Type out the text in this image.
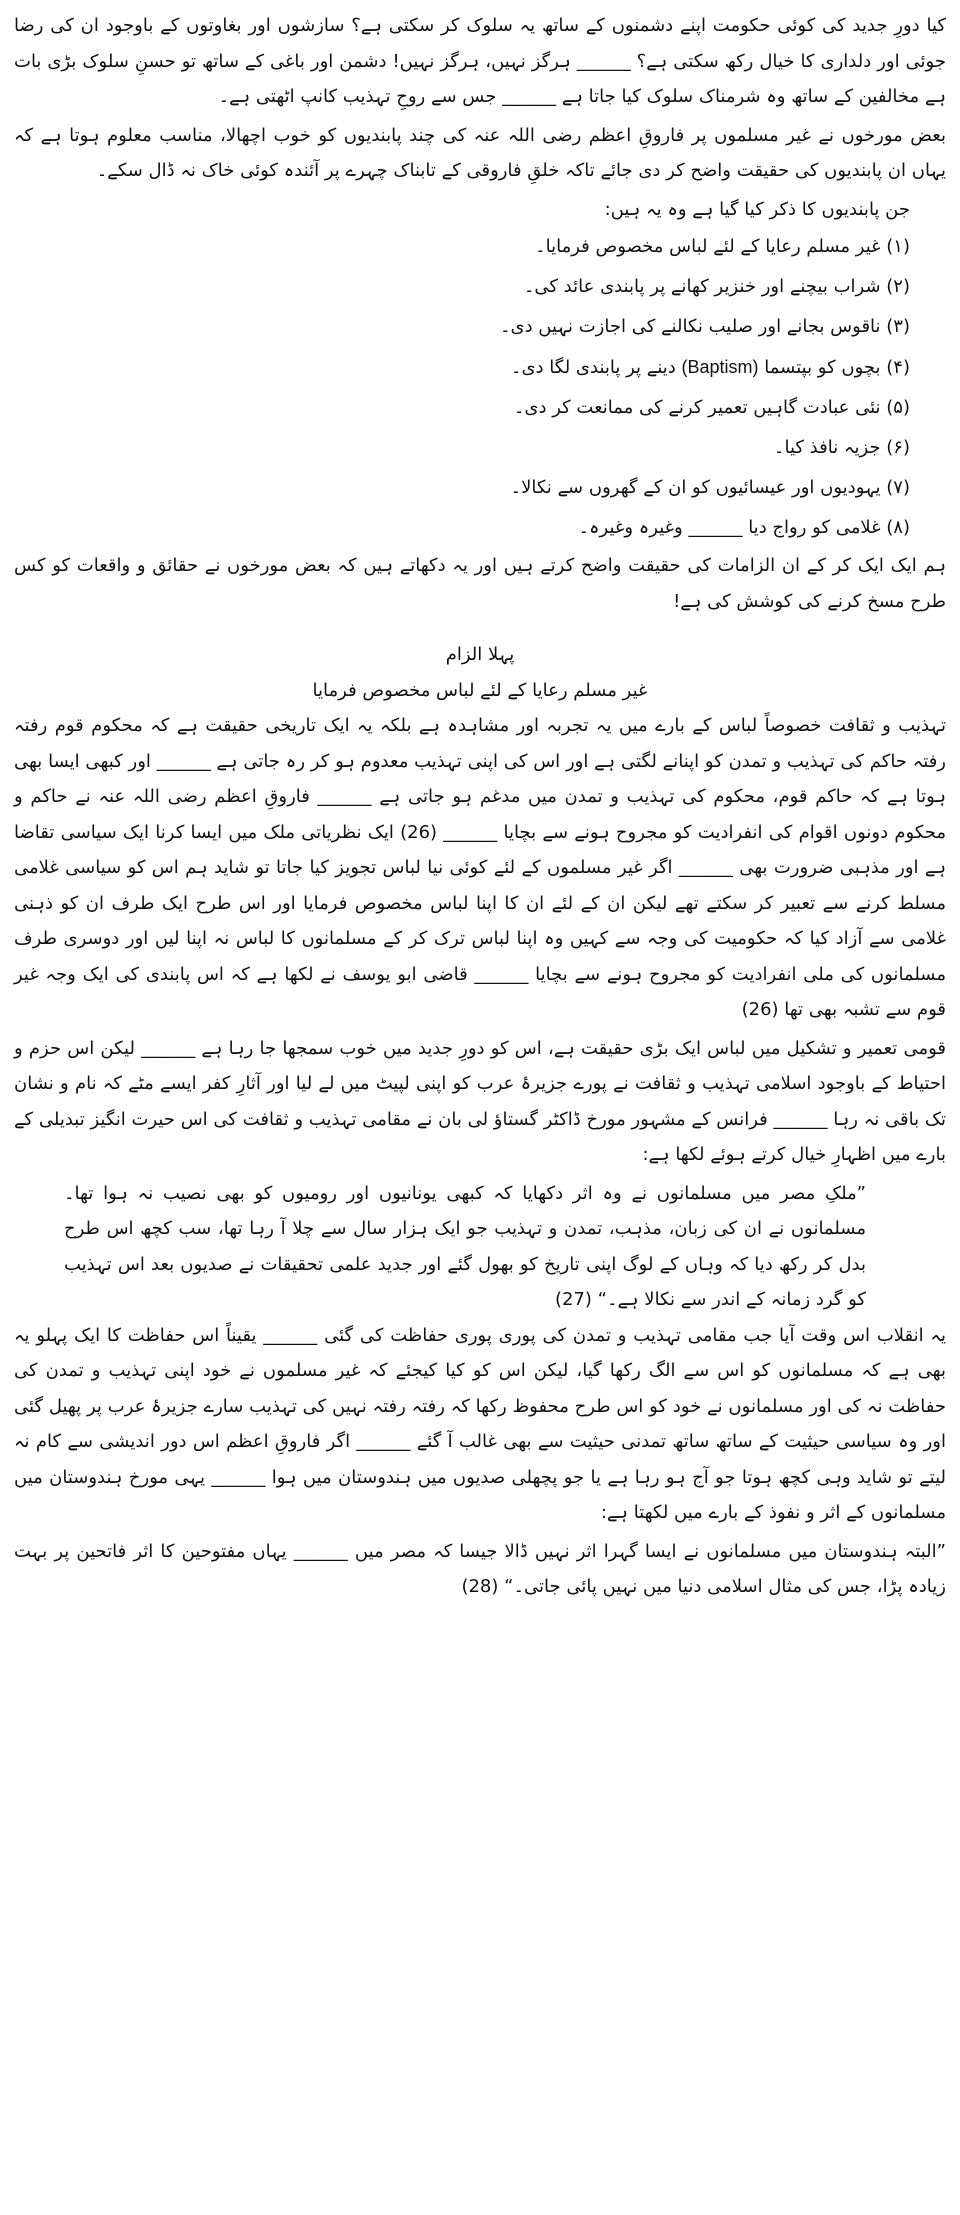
کیا دورِ جدید کی کوئی حکومت اپنے دشمنوں کے ساتھ یہ سلوک کر سکتی ہے؟ سازشوں اور بغاوتوں کے باوجود ان کی رضا جوئی اور دلداری کا خیال رکھ سکتی ہے؟ ______ ہرگز نہیں، ہرگز نہیں! دشمن اور باغی کے ساتھ تو حسنِ سلوک بڑی بات ہے مخالفین کے ساتھ وہ شرمناک سلوک کیا جاتا ہے ______ جس سے روحِ تہذیب کانپ اٹھتی ہے۔

بعض مورخوں نے غیر مسلموں پر فاروقِ اعظم رضی اللہ عنہ کی چند پابندیوں کو خوب اچھالا، مناسب معلوم ہوتا ہے کہ یہاں ان پابندیوں کی حقیقت واضح کر دی جائے تاکہ خلقِ فاروقی کے تابناک چہرے پر آئندہ کوئی خاک نہ ڈال سکے۔

جن پابندیوں کا ذکر کیا گیا ہے وہ یہ ہیں:

(۱) غیر مسلم رعایا کے لئے لباس مخصوص فرمایا۔
(۲) شراب بیچنے اور خنزیر کھانے پر پابندی عائد کی۔
(۳) ناقوس بجانے اور صلیب نکالنے کی اجازت نہیں دی۔
(۴) بچوں کو بپتسما (Baptism) دینے پر پابندی لگا دی۔
(۵) نئی عبادت گاہیں تعمیر کرنے کی ممانعت کر دی۔
(۶) جزیہ نافذ کیا۔
(۷) یہودیوں اور عیسائیوں کو ان کے گھروں سے نکالا۔
(۸) غلامی کو رواج دیا ______ وغیرہ وغیرہ۔

ہم ایک ایک کر کے ان الزامات کی حقیقت واضح کرتے ہیں اور یہ دکھاتے ہیں کہ بعض مورخوں نے حقائق و واقعات کو کس طرح مسخ کرنے کی کوشش کی ہے!

پہلا الزام

غیر مسلم رعایا کے لئے لباس مخصوص فرمایا

تہذیب و ثقافت خصوصاً لباس کے بارے میں یہ تجربہ اور مشاہدہ ہے بلکہ یہ ایک تاریخی حقیقت ہے کہ محکوم قوم رفتہ رفتہ حاکم کی تہذیب و تمدن کو اپنانے لگتی ہے اور اس کی اپنی تہذیب معدوم ہو کر رہ جاتی ہے ______ اور کبھی ایسا بھی ہوتا ہے کہ حاکم قوم، محکوم کی تہذیب و تمدن میں مدغم ہو جاتی ہے ______ فاروقِ اعظم رضی اللہ عنہ نے حاکم و محکوم دونوں اقوام کی انفرادیت کو مجروح ہونے سے بچایا ______ (26) ایک نظریاتی ملک میں ایسا کرنا ایک سیاسی تقاضا ہے اور مذہبی ضرورت بھی ______ اگر غیر مسلموں کے لئے کوئی نیا لباس تجویز کیا جاتا تو شاید ہم اس کو سیاسی غلامی مسلط کرنے سے تعبیر کر سکتے تھے لیکن ان کے لئے ان کا اپنا لباس مخصوص فرمایا اور اس طرح ایک طرف ان کو ذہنی غلامی سے آزاد کیا کہ حکومیت کی وجہ سے کہیں وہ اپنا لباس ترک کر کے مسلمانوں کا لباس نہ اپنا لیں اور دوسری طرف مسلمانوں کی ملی انفرادیت کو مجروح ہونے سے بچایا ______ قاضی ابو یوسف نے لکھا ہے کہ اس پابندی کی ایک وجہ غیر قوم سے تشبہ بھی تھا (26)

قومی تعمیر و تشکیل میں لباس ایک بڑی حقیقت ہے، اس کو دورِ جدید میں خوب سمجھا جا رہا ہے ______ لیکن اس حزم و احتیاط کے باوجود اسلامی تہذیب و ثقافت نے پورے جزیرۂ عرب کو اپنی لپیٹ میں لے لیا اور آثارِ کفر ایسے مٹے کہ نام و نشان تک باقی نہ رہا ______ فرانس کے مشہور مورخ ڈاکٹر گستاؤ لی بان نے مقامی تہذیب و ثقافت کی اس حیرت انگیز تبدیلی کے بارے میں اظہارِ خیال کرتے ہوئے لکھا ہے:

”ملکِ مصر میں مسلمانوں نے وہ اثر دکھایا کہ کبھی یونانیوں اور رومیوں کو بھی نصیب نہ ہوا تھا۔ مسلمانوں نے ان کی زبان، مذہب، تمدن و تہذیب جو ایک ہزار سال سے چلا آ رہا تھا، سب کچھ اس طرح بدل کر رکھ دیا کہ وہاں کے لوگ اپنی تاریخ کو بھول گئے اور جدید علمی تحقیقات نے صدیوں بعد اس تہذیب کو گرد زمانہ کے اندر سے نکالا ہے۔“ (27)

یہ انقلاب اس وقت آیا جب مقامی تہذیب و تمدن کی پوری پوری حفاظت کی گئی ______ یقیناً اس حفاظت کا ایک پہلو یہ بھی ہے کہ مسلمانوں کو اس سے الگ رکھا گیا، لیکن اس کو کیا کیجئے کہ غیر مسلموں نے خود اپنی تہذیب و تمدن کی حفاظت نہ کی اور مسلمانوں نے خود کو اس طرح محفوظ رکھا کہ رفتہ رفتہ نہیں کی تہذیب سارے جزیرۂ عرب پر پھیل گئی اور وہ سیاسی حیثیت کے ساتھ ساتھ تمدنی حیثیت سے بھی غالب آ گئے ______ اگر فاروقِ اعظم اس دور اندیشی سے کام نہ لیتے تو شاید وہی کچھ ہوتا جو آج ہو رہا ہے یا جو پچھلی صدیوں میں ہندوستان میں ہوا ______ یہی مورخ ہندوستان میں مسلمانوں کے اثر و نفوذ کے بارے میں لکھتا ہے:

”البتہ ہندوستان میں مسلمانوں نے ایسا گہرا اثر نہیں ڈالا جیسا کہ مصر میں ______ یہاں مفتوحین کا اثر فاتحین پر بہت زیادہ پڑا، جس کی مثال اسلامی دنیا میں نہیں پائی جاتی۔“ (28)
